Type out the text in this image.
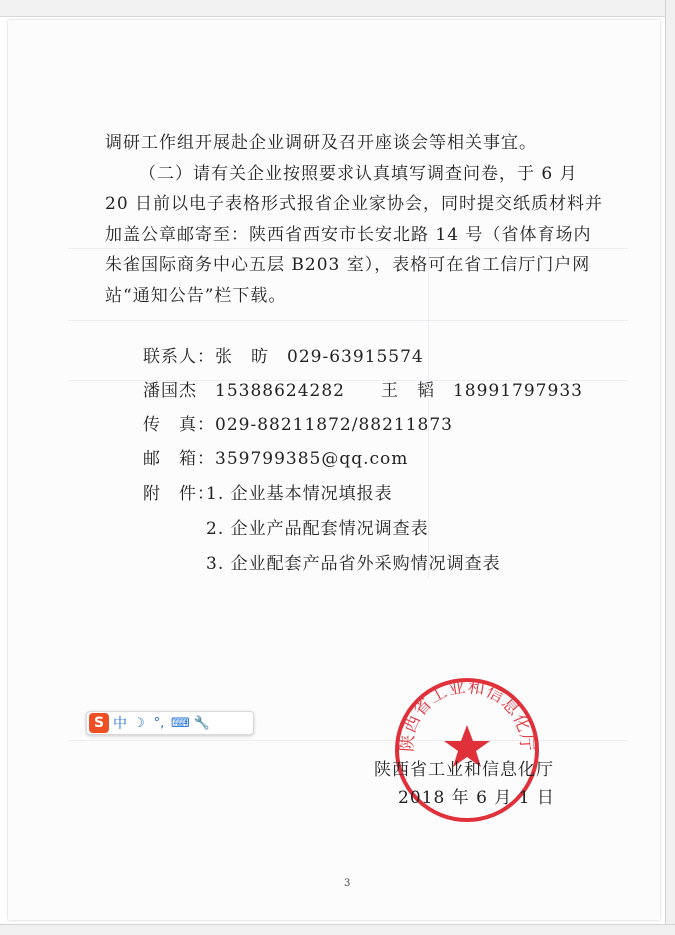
调研工作组开展赴企业调研及召开座谈会等相关事宜。

（二）请有关企业按照要求认真填写调查问卷，于 6 月 20 日前以电子表格形式报省企业家协会，同时提交纸质材料并加盖公章邮寄至：陕西省西安市长安北路 14 号（省体育场内朱雀国际商务中心五层 B203 室），表格可在省工信厅门户网站“通知公告”栏下载。

联系人：张　昉　029-63915574
潘国杰　15388624282　　王　韬　18991797933
传　真：029-88211872/88211873
邮　箱：359799385@qq.com
附　件：
1. 企业基本情况填报表
2. 企业产品配套情况调查表
3. 企业配套产品省外采购情况调查表
陕西省工业和信息化厅
陕西省工业和信息化厅
2018 年 6 月 1 日
3
S 中 ☽ °, ⌨ 🔧
